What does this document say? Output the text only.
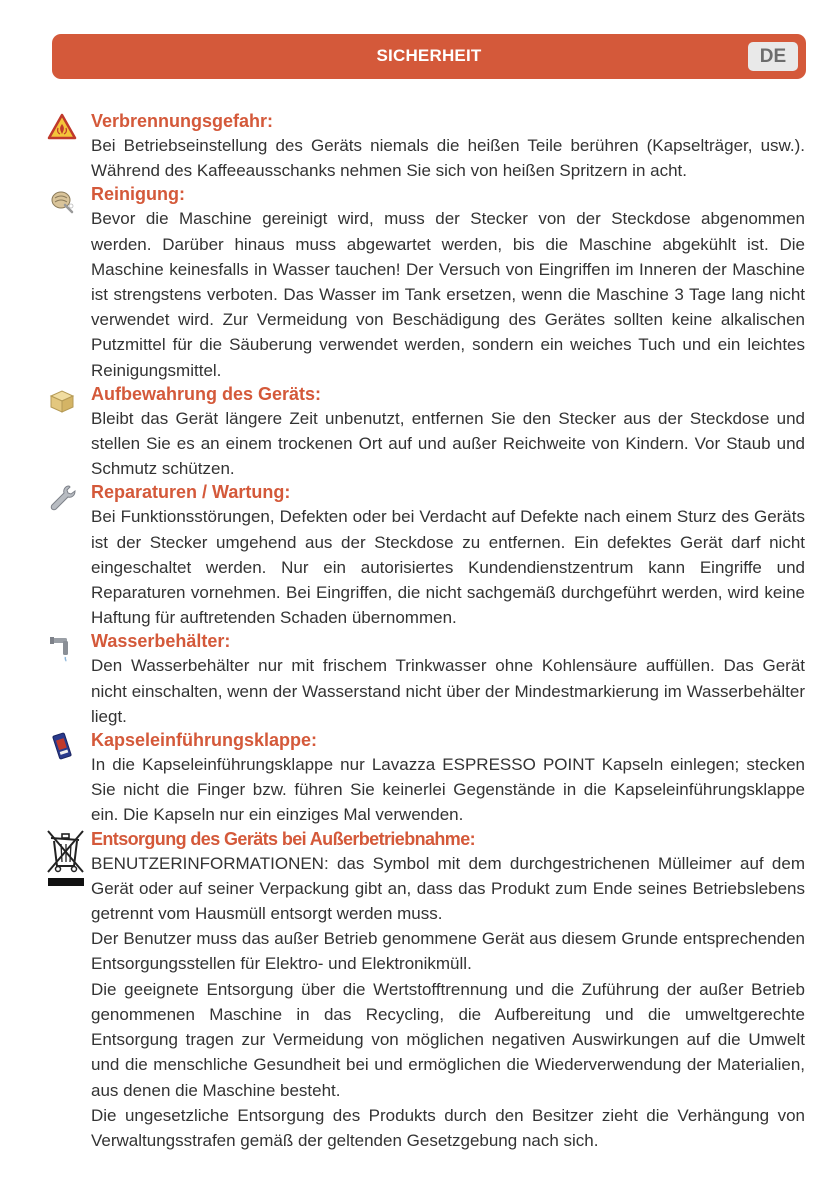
SICHERHEIT	DE
Verbrennungsgefahr:

Bei Betriebseinstellung des Geräts niemals die heißen Teile berühren (Kapselträger, usw.). Während des Kaffeeausschanks nehmen Sie sich von heißen Spritzern in acht.

Reinigung:

Bevor die Maschine gereinigt wird, muss der Stecker von der Steckdose abgenommen werden. Darüber hinaus muss abgewartet werden, bis die Maschine abgekühlt ist. Die Maschine keinesfalls in Wasser tauchen! Der Versuch von Eingriffen im Inneren der Maschine ist strengstens verboten. Das Wasser im Tank ersetzen, wenn die Maschine 3 Tage lang nicht verwendet wird. Zur Vermeidung von Beschädigung des Gerätes sollten keine alkalischen Putzmittel für die Säuberung verwendet werden, sondern ein weiches Tuch und ein leichtes Reinigungsmittel.

Aufbewahrung des Geräts:

Bleibt das Gerät längere Zeit unbenutzt, entfernen Sie den Stecker aus der Steckdose und stellen Sie es an einem trockenen Ort auf und außer Reichweite von Kindern. Vor Staub und Schmutz schützen.

Reparaturen / Wartung:

Bei Funktionsstörungen, Defekten oder bei Verdacht auf Defekte nach einem Sturz des Geräts ist der Stecker umgehend aus der Steckdose zu entfernen. Ein defektes Gerät darf nicht eingeschaltet werden. Nur ein autorisiertes Kundendienstzentrum kann Eingriffe und Reparaturen vornehmen. Bei Eingriffen, die nicht sachgemäß durchgeführt werden, wird keine Haftung für auftretenden Schaden übernommen.

Wasserbehälter:

Den Wasserbehälter nur mit frischem Trinkwasser ohne Kohlensäure auffüllen. Das Gerät nicht einschalten, wenn der Wasserstand nicht über der Mindestmarkierung im Wasserbehälter liegt.

Kapseleinführungsklappe:

In die Kapseleinführungsklappe nur Lavazza ESPRESSO POINT Kapseln einlegen; stecken Sie nicht die Finger bzw. führen Sie keinerlei Gegenstände in die Kapseleinführungsklappe ein. Die Kapseln nur ein einziges Mal verwenden.

Entsorgung des Geräts bei Außerbetriebnahme:

BENUTZERINFORMATIONEN: das Symbol mit dem durchgestrichenen Mülleimer auf dem Gerät oder auf seiner Verpackung gibt an, dass das Produkt zum Ende seines Betriebslebens getrennt vom Hausmüll entsorgt werden muss.

Der Benutzer muss das außer Betrieb genommene Gerät aus diesem Grunde entsprechenden Entsorgungsstellen für Elektro- und Elektronikmüll.

Die geeignete Entsorgung über die Wertstofftrennung und die Zuführung der außer Betrieb genommenen Maschine in das Recycling, die Aufbereitung und die umweltgerechte Entsorgung tragen zur Vermeidung von möglichen negativen Auswirkungen auf die Umwelt und die menschliche Gesundheit bei und ermöglichen die Wiederverwendung der Materialien, aus denen die Maschine besteht.

Die ungesetzliche Entsorgung des Produkts durch den Besitzer zieht die Verhängung von Verwaltungsstrafen gemäß der geltenden Gesetzgebung nach sich.
